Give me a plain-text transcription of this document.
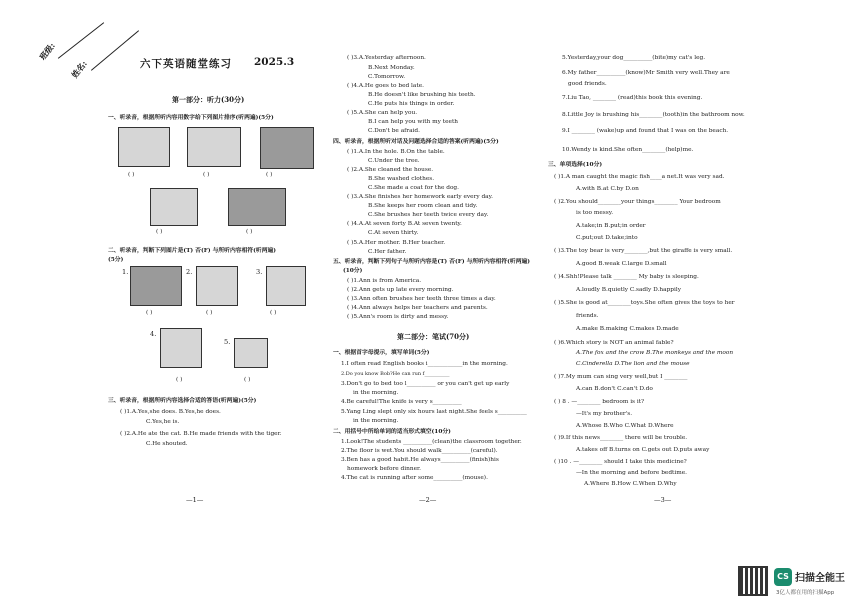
班级:
姓名:	六下英语随堂练习 2025.3
第一部分：听力(30分)
一、听录音，根据所听内容用数字给下列图片排序(听两遍)(5分)
( )	( )	( )
( )	( )
二、听录音，判断下列图片是(T) 否(F) 与所听内容相符(听两遍)
(5分)
1.	2.	3.
( )	( )	( )
4.
5.
( )	( )
三、听录音，根据所听内容选择合适的答语(听两遍)(5分)
( )1.A.Yes,she does. B.Yes,he does.
C.Yes,he is.
( )2.A.He ate the cat. B.He made friends with the tiger.
C.He shouted.
—1—
( )3.A.Yesterday afternoon.
B.Next Monday.
C.Tomorrow.
( )4.A.He goes to bed late.
B.He doesn't like brushing his teeth.
C.He puts his things in order.
( )5.A.She can help you.
B.I can help you with my teeth
C.Don't be afraid.
四、听录音，根据所听对话及问题选择合适的答案(听两遍)(5分)
( )1.A.In the hole. B.On the table.
C.Under the tree.
( )2.A.She cleaned the house.
B.She washed clothes.
C.She made a coat for the dog.
( )3.A.She finishes her homework early every day.
B.She keeps her room clean and tidy.
C.She brushes her teeth twice every day.
( )4.A.At seven forty B.At seven twenty.
C.At seven thirty.
( )5.A.Her mother. B.Her teacher.
C.Her father.
五、听录音，判断下列句子与所听内容是(T) 否(F) 与所听内容相符(听两遍)
(10分)
( )1.Ann is from America.
( )2.Ann gets up late every morning.
( )3.Ann often brushes her teeth three times a day.
( )4.Ann always helps her teachers and parents.
( )5.Ann's room is dirty and messy.
第二部分：笔试(70分)
一、根据首字母提示，填写单词(5分)
1.I often read English books i____________in the morning.
2.Do you know Bob?He can run f__________
3.Don't go to bed too l__________ or you can't get up early
in the morning.
4.Be careful!The knife is very s__________
5.Yang Ling slept only six hours last night.She feels s__________
in the morning.
二、用括号中所给单词的适当形式填空(10分)
1.Look!The students __________(clean)the classroom together.
2.The floor is wet.You should walk__________(careful).
3.Ben has a good habit.He always__________(finish)his
homework before dinner.
4.The cat is running after some__________(mouse).
—2—
5.Yesterday,your dog__________(bite)my cat's leg.
6.My father__________(know)Mr Smith very well.They are
good friends.
7.Liu Tao, ________ (read)this book this evening.
8.Little Joy is brushing his________(tooth)in the bathroom now.
9.I ________ (wake)up and found that I was on the beach.
10.Wendy is kind.She often________(help)me.
三、单项选择(10分)
( )1.A man caught the magic fish____a net.It was very sad.
A.with B.at C.by D.on
( )2.You should________your things________ Your bedroom
is too messy.
A.take;in B.put;in order
C.put;out D.take;into
( )3.The toy bear is very________,but the giraffe is very small.
A.good B.weak C.large D.small
( )4.Shh!Please talk ________ My baby is sleeping.
A.loudly B.quietly C.sadly D.happily
( )5.She is good at________toys.She often gives the toys to her
friends.
A.make B.making C.makes D.made
( )6.Which story is NOT an animal fable?
A.The fox and the crow B.The monkeys and the moon
C.Cinderella D.The lion and the mouse
( )7.My mum can sing very well,but I ________
A.can B.don't C.can't D.do
( ) 8 . —________ bedroom is it?
—It's my brother's.
A.Whose B.Who C.What D.Where
( )9.If this news________ there will be trouble.
A.takes off B.turns on C.gets out D.puts away
( )10 . —________ should I take this medicine?
—In the morning and before bedtime.
A.Where B.How C.When D.Why
—3—
CS 扫描全能王
3亿人都在用的扫描App
